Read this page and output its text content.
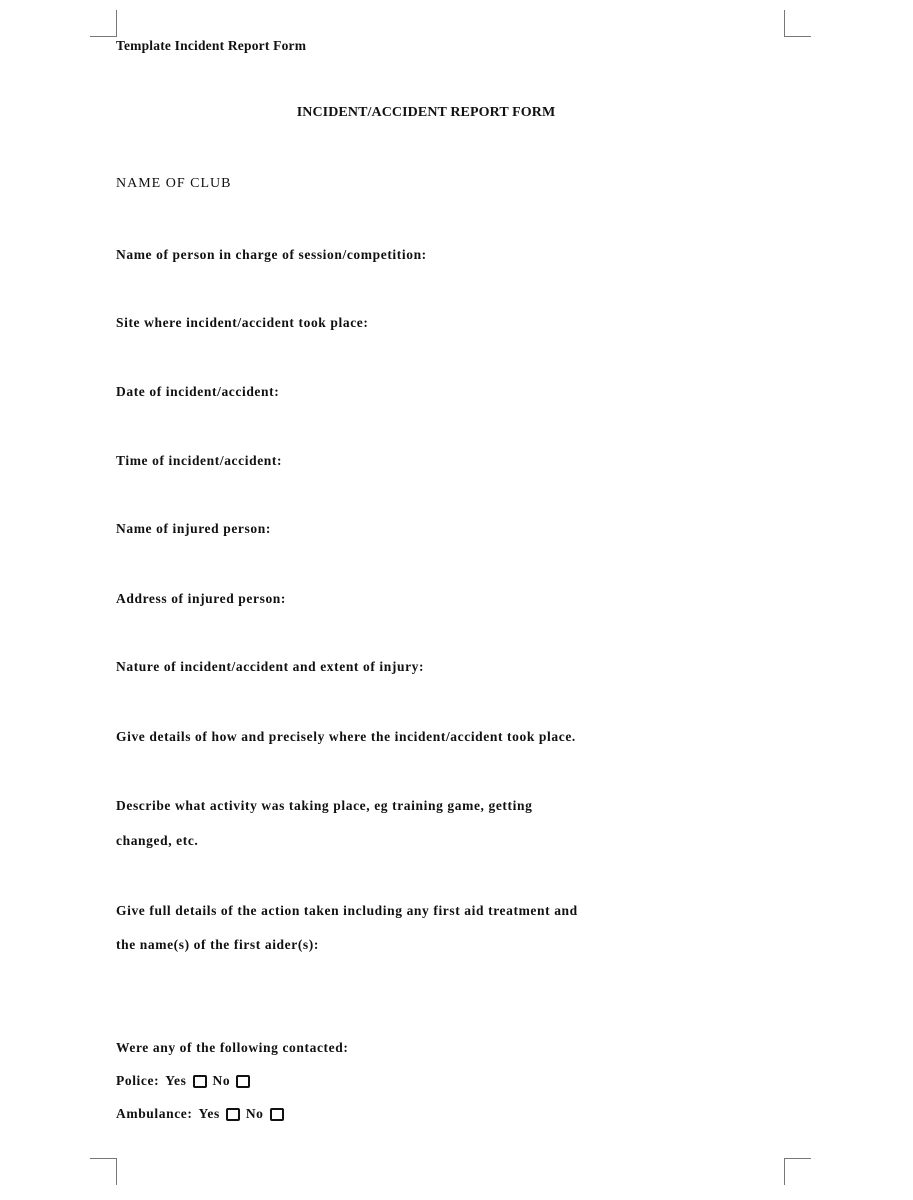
Template Incident Report Form
INCIDENT/ACCIDENT REPORT FORM
NAME OF CLUB
Name of person in charge of session/competition:
Site where incident/accident took place:
Date of incident/accident:
Time of incident/accident:
Name of injured person:
Address of injured person:
Nature of incident/accident and extent of injury:
Give details of how and precisely where the incident/accident took place.
Describe what activity was taking place, eg training game, getting
changed, etc.
Give full details of the action taken including any first aid treatment and
the name(s) of the first aider(s):
Were any of the following contacted:
Police: Yes No
Ambulance: Yes No
